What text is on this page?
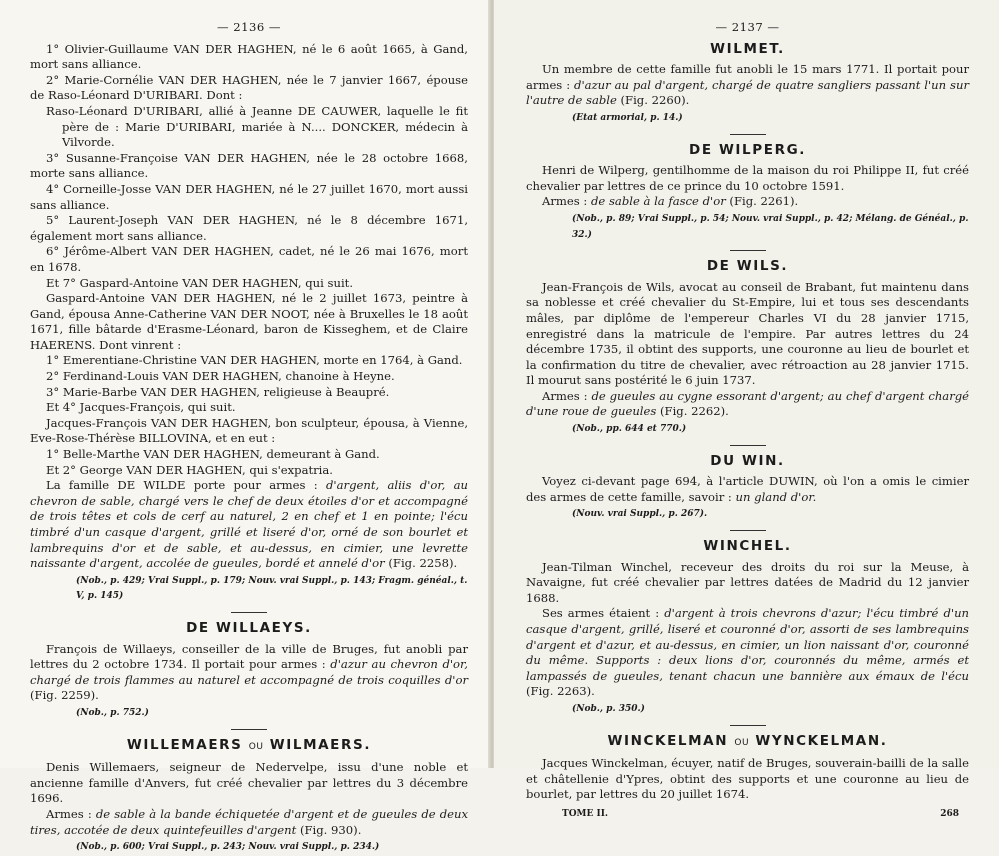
— 2136 —

1° Olivier-Guillaume VAN DER HAGHEN, né le 6 août 1665, à Gand, mort sans alliance.

2° Marie-Cornélie VAN DER HAGHEN, née le 7 janvier 1667, épouse de Raso-Léonard D'URIBARI. Dont :

Raso-Léonard D'URIBARI, allié à Jeanne DE CAUWER, laquelle le fit père de : Marie D'URIBARI, mariée à N.... DONCKER, médecin à Vilvorde.

3° Susanne-Françoise VAN DER HAGHEN, née le 28 octobre 1668, morte sans alliance.

4° Corneille-Josse VAN DER HAGHEN, né le 27 juillet 1670, mort aussi sans alliance.

5° Laurent-Joseph VAN DER HAGHEN, né le 8 décembre 1671, également mort sans alliance.

6° Jérôme-Albert VAN DER HAGHEN, cadet, né le 26 mai 1676, mort en 1678.

Et 7° Gaspard-Antoine VAN DER HAGHEN, qui suit.

Gaspard-Antoine VAN DER HAGHEN, né le 2 juillet 1673, peintre à Gand, épousa Anne-Catherine VAN DER NOOT, née à Bruxelles le 18 août 1671, fille bâtarde d'Erasme-Léonard, baron de Kisseghem, et de Claire HAERENS. Dont vinrent :

1° Emerentiane-Christine VAN DER HAGHEN, morte en 1764, à Gand.

2° Ferdinand-Louis VAN DER HAGHEN, chanoine à Heyne.

3° Marie-Barbe VAN DER HAGHEN, religieuse à Beaupré.

Et 4° Jacques-François, qui suit.

Jacques-François VAN DER HAGHEN, bon sculpteur, épousa, à Vienne, Eve-Rose-Thérèse BILLOVINA, et en eut :

1° Belle-Marthe VAN DER HAGHEN, demeurant à Gand.

Et 2° George VAN DER HAGHEN, qui s'expatria.

La famille DE WILDE porte pour armes : d'argent, aliis d'or, au chevron de sable, chargé vers le chef de deux étoiles d'or et accompagné de trois têtes et cols de cerf au naturel, 2 en chef et 1 en pointe; l'écu timbré d'un casque d'argent, grillé et liseré d'or, orné de son bourlet et lambrequins d'or et de sable, et au-dessus, en cimier, une levrette naissante d'argent, accolée de gueules, bordé et annelé d'or (Fig. 2258).

(Nob., p. 429; Vrai Suppl., p. 179; Nouv. vrai Suppl., p. 143; Fragm. généal., t. V, p. 145)
DE WILLAEYS.

François de Willaeys, conseiller de la ville de Bruges, fut anobli par lettres du 2 octobre 1734. Il portait pour armes : d'azur au chevron d'or, chargé de trois flammes au naturel et accompagné de trois coquilles d'or (Fig. 2259).

(Nob., p. 752.)
WILLEMAERS OU WILMAERS.

Denis Willemaers, seigneur de Nedervelpe, issu d'une noble et ancienne famille d'Anvers, fut créé chevalier par lettres du 3 décembre 1696.

Armes : de sable à la bande échiquetée d'argent et de gueules de deux tires, accotée de deux quintefeuilles d'argent (Fig. 930).

(Nob., p. 600; Vrai Suppl., p. 243; Nouv. vrai Suppl., p. 234.)
— 2137 —
WILMET.

Un membre de cette famille fut anobli le 15 mars 1771. Il portait pour armes : d'azur au pal d'argent, chargé de quatre sangliers passant l'un sur l'autre de sable (Fig. 2260).

(Etat armorial, p. 14.)
DE WILPERG.

Henri de Wilperg, gentilhomme de la maison du roi Philippe II, fut créé chevalier par lettres de ce prince du 10 octobre 1591.

Armes : de sable à la fasce d'or (Fig. 2261).

(Nob., p. 89; Vrai Suppl., p. 54; Nouv. vrai Suppl., p. 42; Mélang. de Généal., p. 32.)
DE WILS.

Jean-François de Wils, avocat au conseil de Brabant, fut maintenu dans sa noblesse et créé chevalier du St-Empire, lui et tous ses descendants mâles, par diplôme de l'empereur Charles VI du 28 janvier 1715, enregistré dans la matricule de l'empire. Par autres lettres du 24 décembre 1735, il obtint des supports, une couronne au lieu de bourlet et la confirmation du titre de chevalier, avec rétroaction au 28 janvier 1715. Il mourut sans postérité le 6 juin 1737.

Armes : de gueules au cygne essorant d'argent; au chef d'argent chargé d'une roue de gueules (Fig. 2262).

(Nob., pp. 644 et 770.)
DU WIN.

Voyez ci-devant page 694, à l'article DUWIN, où l'on a omis le cimier des armes de cette famille, savoir : un gland d'or.

(Nouv. vrai Suppl., p. 267).
WINCHEL.

Jean-Tilman Winchel, receveur des droits du roi sur la Meuse, à Navaigne, fut créé chevalier par lettres datées de Madrid du 12 janvier 1688.

Ses armes étaient : d'argent à trois chevrons d'azur; l'écu timbré d'un casque d'argent, grillé, liseré et couronné d'or, assorti de ses lambrequins d'argent et d'azur, et au-dessus, en cimier, un lion naissant d'or, couronné du même. Supports : deux lions d'or, couronnés du même, armés et lampassés de gueules, tenant chacun une bannière aux émaux de l'écu (Fig. 2263).

(Nob., p. 350.)
WINCKELMAN OU WYNCKELMAN.

Jacques Winckelman, écuyer, natif de Bruges, souverain-bailli de la salle et châtellenie d'Ypres, obtint des supports et une couronne au lieu de bourlet, par lettres du 20 juillet 1674.

TOME II.	268
